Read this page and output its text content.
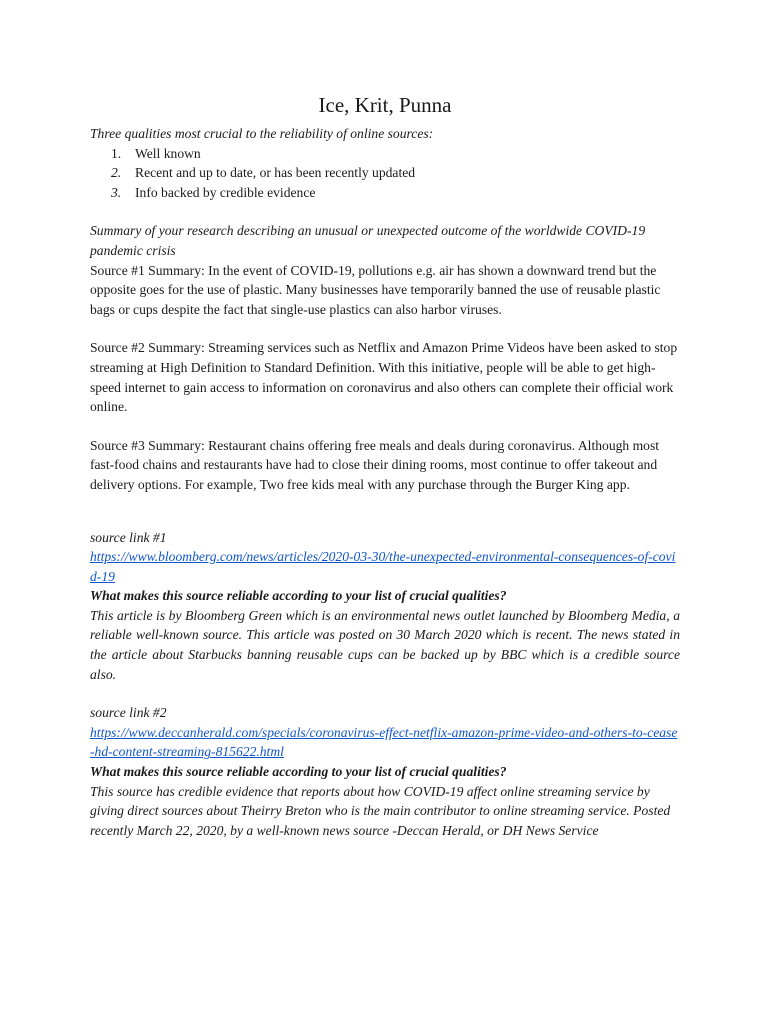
Ice, Krit, Punna

Three qualities most crucial to the reliability of online sources:

1. Well known
2. Recent and up to date, or has been recently updated
3. Info backed by credible evidence

Summary of your research describing an unusual or unexpected outcome of the worldwide COVID-19 pandemic crisis

Source #1 Summary: In the event of COVID-19, pollutions e.g. air has shown a downward trend but the opposite goes for the use of plastic. Many businesses have temporarily banned the use of reusable plastic bags or cups despite the fact that single-use plastics can also harbor viruses.

Source #2 Summary: Streaming services such as Netflix and Amazon Prime Videos have been asked to stop streaming at High Definition to Standard Definition. With this initiative, people will be able to get high-speed internet to gain access to information on coronavirus and also others can complete their official work online.

Source #3 Summary: Restaurant chains offering free meals and deals during coronavirus. Although most fast-food chains and restaurants have had to close their dining rooms, most continue to offer takeout and delivery options. For example, Two free kids meal with any purchase through the Burger King app.

source link #1

https://www.bloomberg.com/news/articles/2020-03-30/the-unexpected-environmental-consequences-of-covid-19

What makes this source reliable according to your list of crucial qualities?

This article is by Bloomberg Green which is an environmental news outlet launched by Bloomberg Media, a reliable well-known source. This article was posted on 30 March 2020 which is recent. The news stated in the article about Starbucks banning reusable cups can be backed up by BBC which is a credible source also.

source link #2

https://www.deccanherald.com/specials/coronavirus-effect-netflix-amazon-prime-video-and-others-to-cease-hd-content-streaming-815622.html

What makes this source reliable according to your list of crucial qualities?

This source has credible evidence that reports about how COVID-19 affect online streaming service by giving direct sources about Theirry Breton who is the main contributor to online streaming service. Posted recently March 22, 2020, by a well-known news source -Deccan Herald, or DH News Service
